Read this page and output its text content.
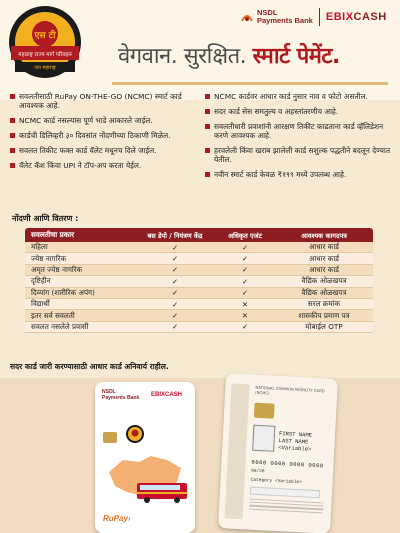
एस टी
महाराष्ट्र राज्य मार्ग परिवहन
जय महाराष्ट्र
NSDL
Payments Bank EBIXCASH
वेगवान. सुरक्षित. स्मार्ट पेमेंट.
सवलतीसाठी RuPay ON-THE-GO (NCMC) स्मार्ट कार्ड आवश्यक आहे.
NCMC कार्ड नसल्यास पूर्ण भाडे आकारले जाईल.
कार्डची डिलिव्हरी ३० दिवसांत नोंदणीच्या ठिकाणी मिळेल.
सवलत तिकीट फक्त कार्ड वॅलेट मधूनच दिले जाईल.
वॅलेट कॅश किंवा UPI ने टॉप-अप करता येईल.
NCMC कार्डवर आधार कार्ड नुसार नाव व फोटो असतील.
सदर कार्ड सेस समतुल्य व अहस्तांतरणीय आहे.
सवलतीधारी प्रवाशांनी आरक्षण तिकीट काढताना कार्ड व्हॅलिडेशन करणे आवश्यक आहे.
हरवलेली किंवा खराब झालेली कार्ड सशुल्क पद्धतीने बदलून देण्यात येतील.
नवीन स्मार्ट कार्ड केवळ ₹१९९ मध्ये उपलब्ध आहे.
नोंदणी आणि वितरण :
सवलतीचा प्रकार	बस डेपो / नियंत्रण केंद्र	अधिकृत एजंट	आवश्यक कागदपत्र
महिला	✓	✓	आधार कार्ड
ज्येष्ठ नागरिक	✓	✓	आधार कार्ड
अमृत ज्येष्ठ नागरिक	✓	✓	आधार कार्ड
दृष्टिहीन	✓	✓	वैद्यिक ओळखपत्र
दिव्यांग (शारीरिक अपंग)	✓	✓	वैद्यिक ओळखपत्र
विद्यार्थी	✓	✕	सरल क्रमांक
इतर सर्व सवलती	✓	✕	शासकीय प्रमाण पत्र
सवलत नसलेले प्रवासी	✓	✓	मोबाईल OTP
सदर कार्ड जारी करण्यासाठी आधार कार्ड अनिवार्य राहील.
NSDL
Payments Bank EBIXCASH
RuPay›
NATIONAL COMMON MOBILITY CARD (NCMC)
FIRST NAME
LAST NAME
<Variable>
8000 0000 0000 0000
06/28
Category <Variable>
